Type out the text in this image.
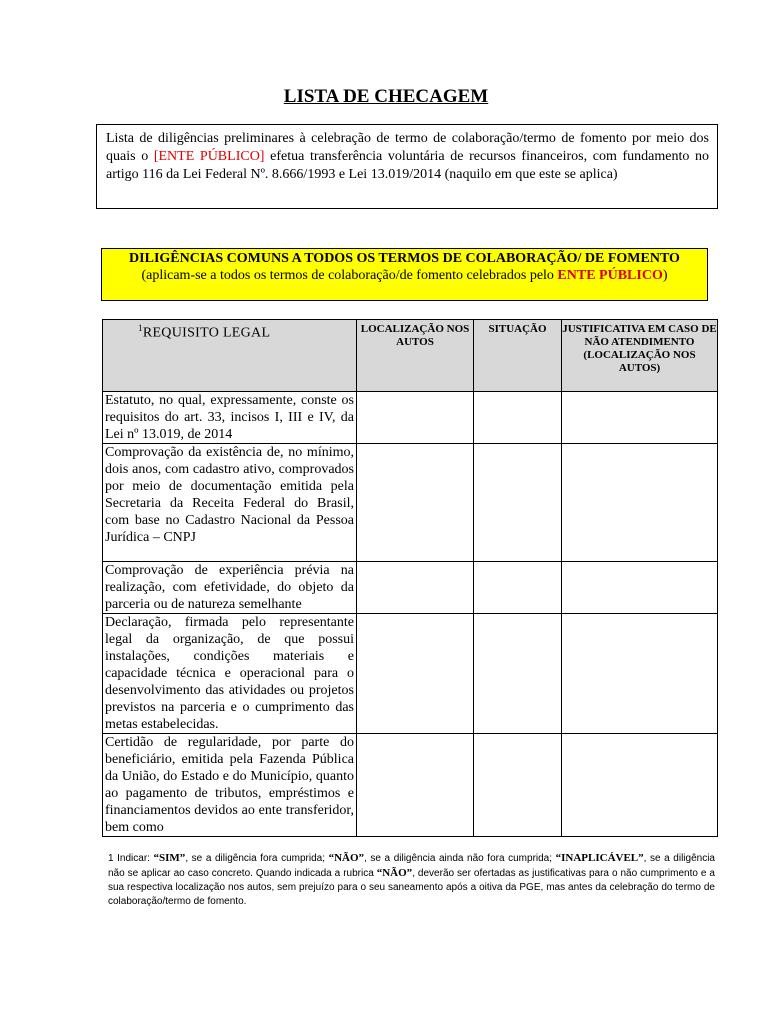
LISTA DE CHECAGEM
Lista de diligências preliminares à celebração de termo de colaboração/termo de fomento por meio dos quais o [ENTE PÚBLICO] efetua transferência voluntária de recursos financeiros, com fundamento no artigo 116 da Lei Federal Nº. 8.666/1993 e Lei 13.019/2014 (naquilo em que este se aplica)
DILIGÊNCIAS COMUNS A TODOS OS TERMOS DE COLABORAÇÃO/ DE FOMENTO
(aplicam-se a todos os termos de colaboração/de fomento celebrados pelo ENTE PÚBLICO)
$^1$REQUISITO LEGAL	LOCALIZAÇÃO NOS AUTOS	SITUAÇÃO	JUSTIFICATIVA EM CASO DE NÃO ATENDIMENTO (LOCALIZAÇÃO NOS AUTOS)
Estatuto, no qual, expressamente, conste os requisitos do art. 33, incisos I, III e IV, da Lei nº 13.019, de 2014			
Comprovação da existência de, no mínimo, dois anos, com cadastro ativo, comprovados por meio de documentação emitida pela Secretaria da Receita Federal do Brasil, com base no Cadastro Nacional da Pessoa Jurídica – CNPJ			
Comprovação de experiência prévia na realização, com efetividade, do objeto da parceria ou de natureza semelhante			
Declaração, firmada pelo representante legal da organização, de que possui instalações, condições materiais e capacidade técnica e operacional para o desenvolvimento das atividades ou projetos previstos na parceria e o cumprimento das metas estabelecidas.			
Certidão de regularidade, por parte do beneficiário, emitida pela Fazenda Pública da União, do Estado e do Município, quanto ao pagamento de tributos, empréstimos e financiamentos devidos ao ente transferidor, bem como			
1 Indicar: “SIM”, se a diligência fora cumprida; “NÃO”, se a diligência ainda não fora cumprida; “INAPLICÁVEL”, se a diligência não se aplicar ao caso concreto. Quando indicada a rubrica “NÃO”, deverão ser ofertadas as justificativas para o não cumprimento e a sua respectiva localização nos autos, sem prejuízo para o seu saneamento após a oitiva da PGE, mas antes da celebração do termo de colaboração/termo de fomento.
